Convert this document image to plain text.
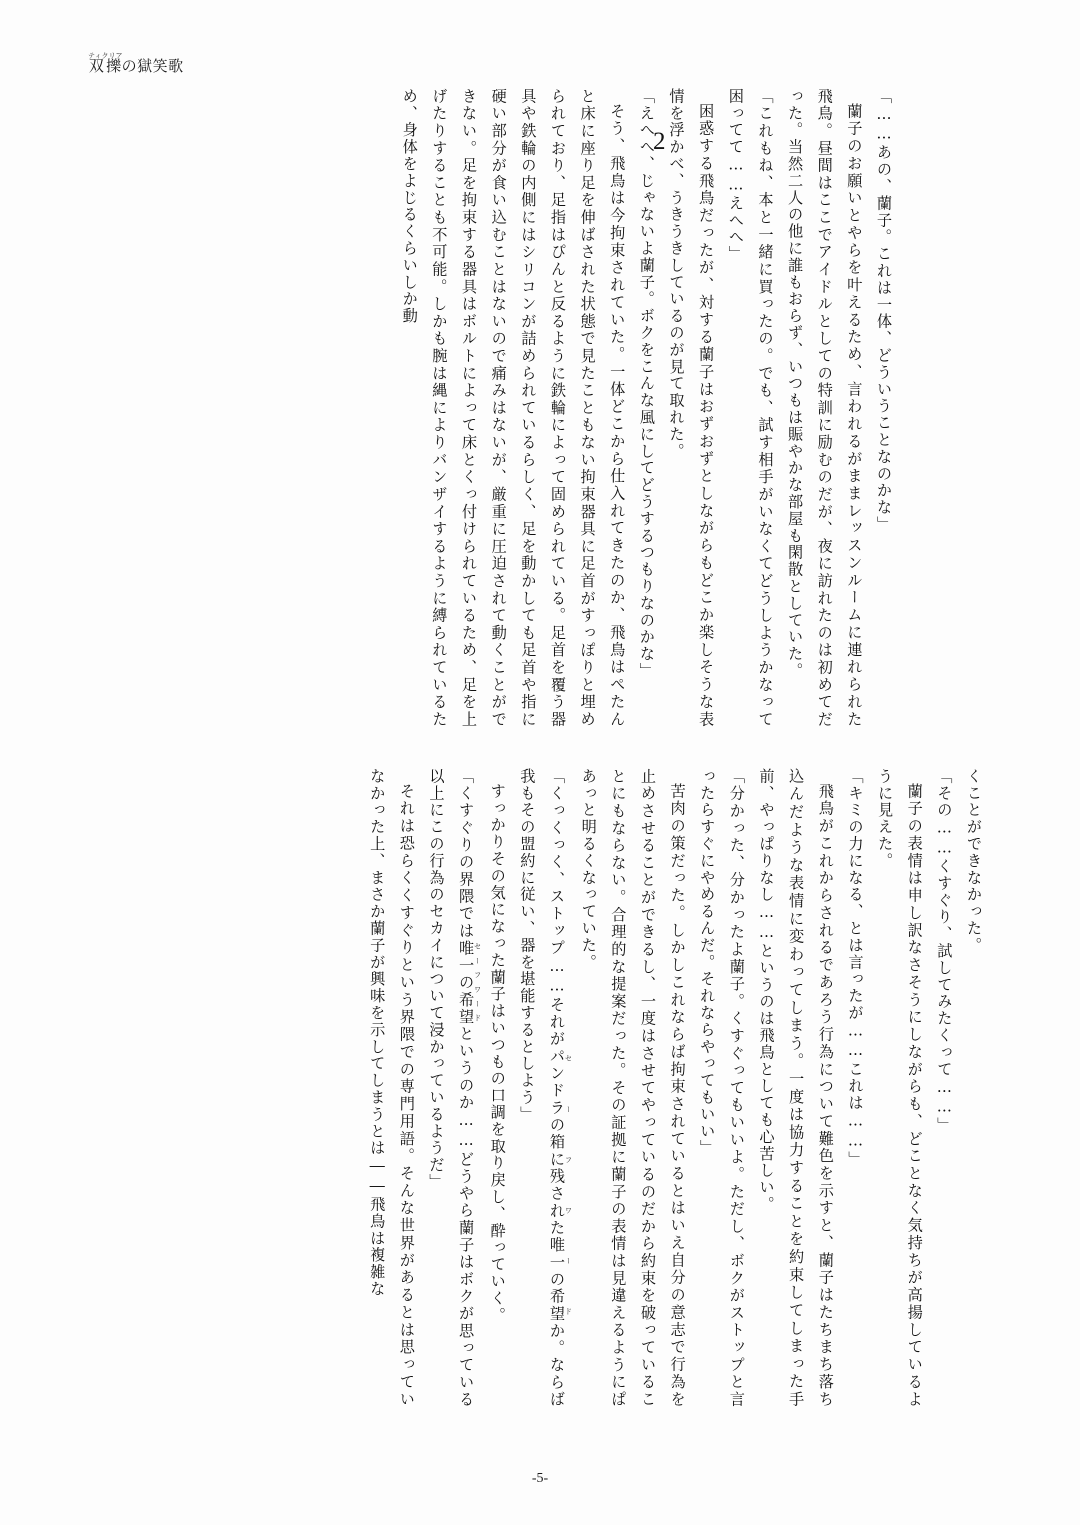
双擽ティクリアの獄笑歌
2	「……あの、蘭子。これは一体、どういうことなのかな」

蘭子のお願いとやらを叶えるため、言われるがままレッスンルームに連れられた飛鳥。昼間はここでアイドルとしての特訓に励むのだが、夜に訪れたのは初めてだった。当然二人の他に誰もおらず、いつもは賑やかな部屋も閑散としていた。

「これもね、本と一緒に買ったの。でも、試す相手がいなくてどうしようかなって困ってて……えへへ」

困惑する飛鳥だったが、対する蘭子はおずおずとしながらもどこか楽しそうな表情を浮かべ、うきうきしているのが見て取れた。

「えへへ、じゃないよ蘭子。ボクをこんな風にしてどうするつもりなのかな」

そう、飛鳥は今拘束されていた。一体どこから仕入れてきたのか、飛鳥はぺたんと床に座り足を伸ばされた状態で見たこともない拘束器具に足首がすっぽりと埋められており、足指はぴんと反るように鉄輪によって固められている。足首を覆う器具や鉄輪の内側にはシリコンが詰められているらしく、足を動かしても足首や指に硬い部分が食い込むことはないので痛みはないが、厳重に圧迫されて動くことができない。足を拘束する器具はボルトによって床とくっ付けられているため、足を上げたりすることも不可能。しかも腕は縄によりバンザイするように縛られているため、身体をよじるくらいしか動

くことができなかった。

「その……くすぐり、試してみたくって……」

蘭子の表情は申し訳なさそうにしながらも、どことなく気持ちが高揚しているように見えた。

「キミの力になる、とは言ったが……これは……」

飛鳥がこれからされるであろう行為について難色を示すと、蘭子はたちまち落ち込んだような表情に変わってしまう。一度は協力することを約束してしまった手前、やっぱりなし……というのは飛鳥としても心苦しい。

「分かった、分かったよ蘭子。くすぐってもいいよ。ただし、ボクがストップと言ったらすぐにやめるんだ。それならやってもいい」

苦肉の策だった。しかしこれならば拘束されているとはいえ自分の意志で行為を止めさせることができるし、一度はさせてやっているのだから約束を破っていることにもならない。合理的な提案だった。その証拠に蘭子の表情は見違えるようにぱあっと明るくなっていた。

「くっくっく、ストップ……それがパンドラの箱に残された唯一の希望セーフワードか。ならば我もその盟約に従い、器を堪能するとしよう」

すっかりその気になった蘭子はいつもの口調を取り戻し、酔っていく。

「くすぐりの界隈では唯一の希望セーフワードというのか……どうやら蘭子はボクが思っている以上にこの行為のセカイについて浸かっているようだ」

それは恐らくくすぐりという界隈での専門用語。そんな世界があるとは思っていなかった上、まさか蘭子が興味を示してしまうとは――飛鳥は複雑な

-5-
